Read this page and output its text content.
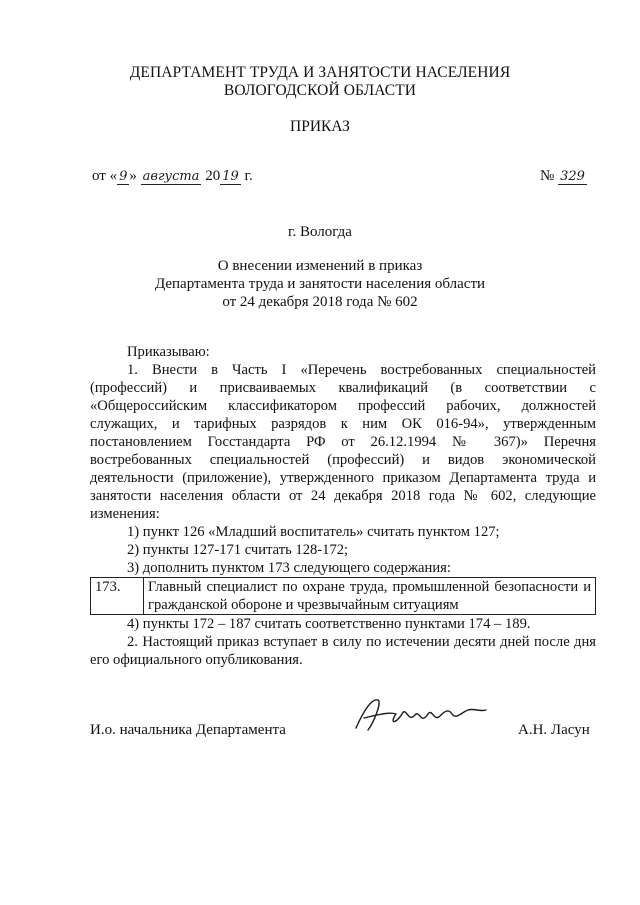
ДЕПАРТАМЕНТ ТРУДА И ЗАНЯТОСТИ НАСЕЛЕНИЯ
ВОЛОГОДСКОЙ ОБЛАСТИ
ПРИКАЗ
от « 9 » августа 20 19 г.	№ 329
г. Вологда
О внесении изменений в приказ
Департамента труда и занятости населения области
от 24 декабря 2018 года № 602
Приказываю:
1. Внести в Часть I «Перечень востребованных специальностей (профессий) и присваиваемых квалификаций (в соответствии с «Общероссийским классификатором профессий рабочих, должностей служащих, и тарифных разрядов к ним ОК 016-94», утвержденным постановлением Госстандарта РФ от 26.12.1994 № 367)» Перечня востребованных специальностей (профессий) и видов экономической деятельности (приложение), утвержденного приказом Департамента труда и занятости населения области от 24 декабря 2018 года № 602, следующие изменения:
1) пункт 126 «Младший воспитатель» считать пунктом 127;
2) пункты 127-171 считать 128-172;
3) дополнить пунктом 173 следующего содержания:
173.	Главный специалист по охране труда, промышленной безопасности и гражданской обороне и чрезвычайным ситуациям
4) пункты 172 – 187 считать соответственно пунктами 174 – 189.
2. Настоящий приказ вступает в силу по истечении десяти дней после дня его официального опубликования.
И.о. начальника Департамента	А.Н. Ласун
